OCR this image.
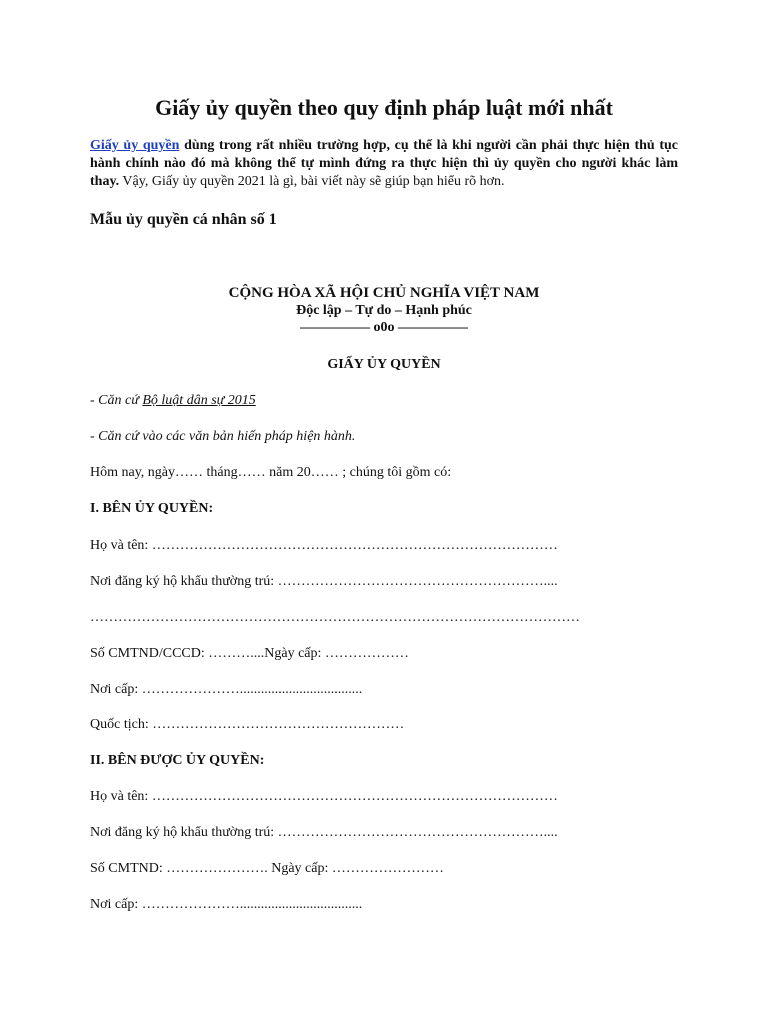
Giấy ủy quyền theo quy định pháp luật mới nhất
Giấy ủy quyền dùng trong rất nhiều trường hợp, cụ thể là khi người cần phải thực hiện thủ tục hành chính nào đó mà không thể tự mình đứng ra thực hiện thì ủy quyền cho người khác làm thay. Vậy, Giấy ủy quyền 2021 là gì, bài viết này sẽ giúp bạn hiểu rõ hơn.
Mẫu ủy quyền cá nhân số 1
CỘNG HÒA XÃ HỘI CHỦ NGHĨA VIỆT NAM
Độc lập – Tự do – Hạnh phúc
————— o0o —————
GIẤY ỦY QUYỀN
- Căn cứ Bộ luật dân sự 2015
- Căn cứ vào các văn bản hiến pháp hiện hành.
Hôm nay, ngày…… tháng…… năm 20…… ; chúng tôi gồm có:
I. BÊN ỦY QUYỀN:
Họ và tên: ……………………………………………………………………………
Nơi đăng ký hộ khẩu thường trú: …………………………………………………....
……………………………………………………………………………………………
Số CMTND/CCCD: ………....Ngày cấp: ………………
Nơi cấp: …………………...................................
Quốc tịch: ………………………………………………
II. BÊN ĐƯỢC ỦY QUYỀN:
Họ và tên: ……………………………………………………………………………
Nơi đăng ký hộ khẩu thường trú: …………………………………………………....
Số CMTND: …………………. Ngày cấp: ……………………
Nơi cấp: …………………...................................
